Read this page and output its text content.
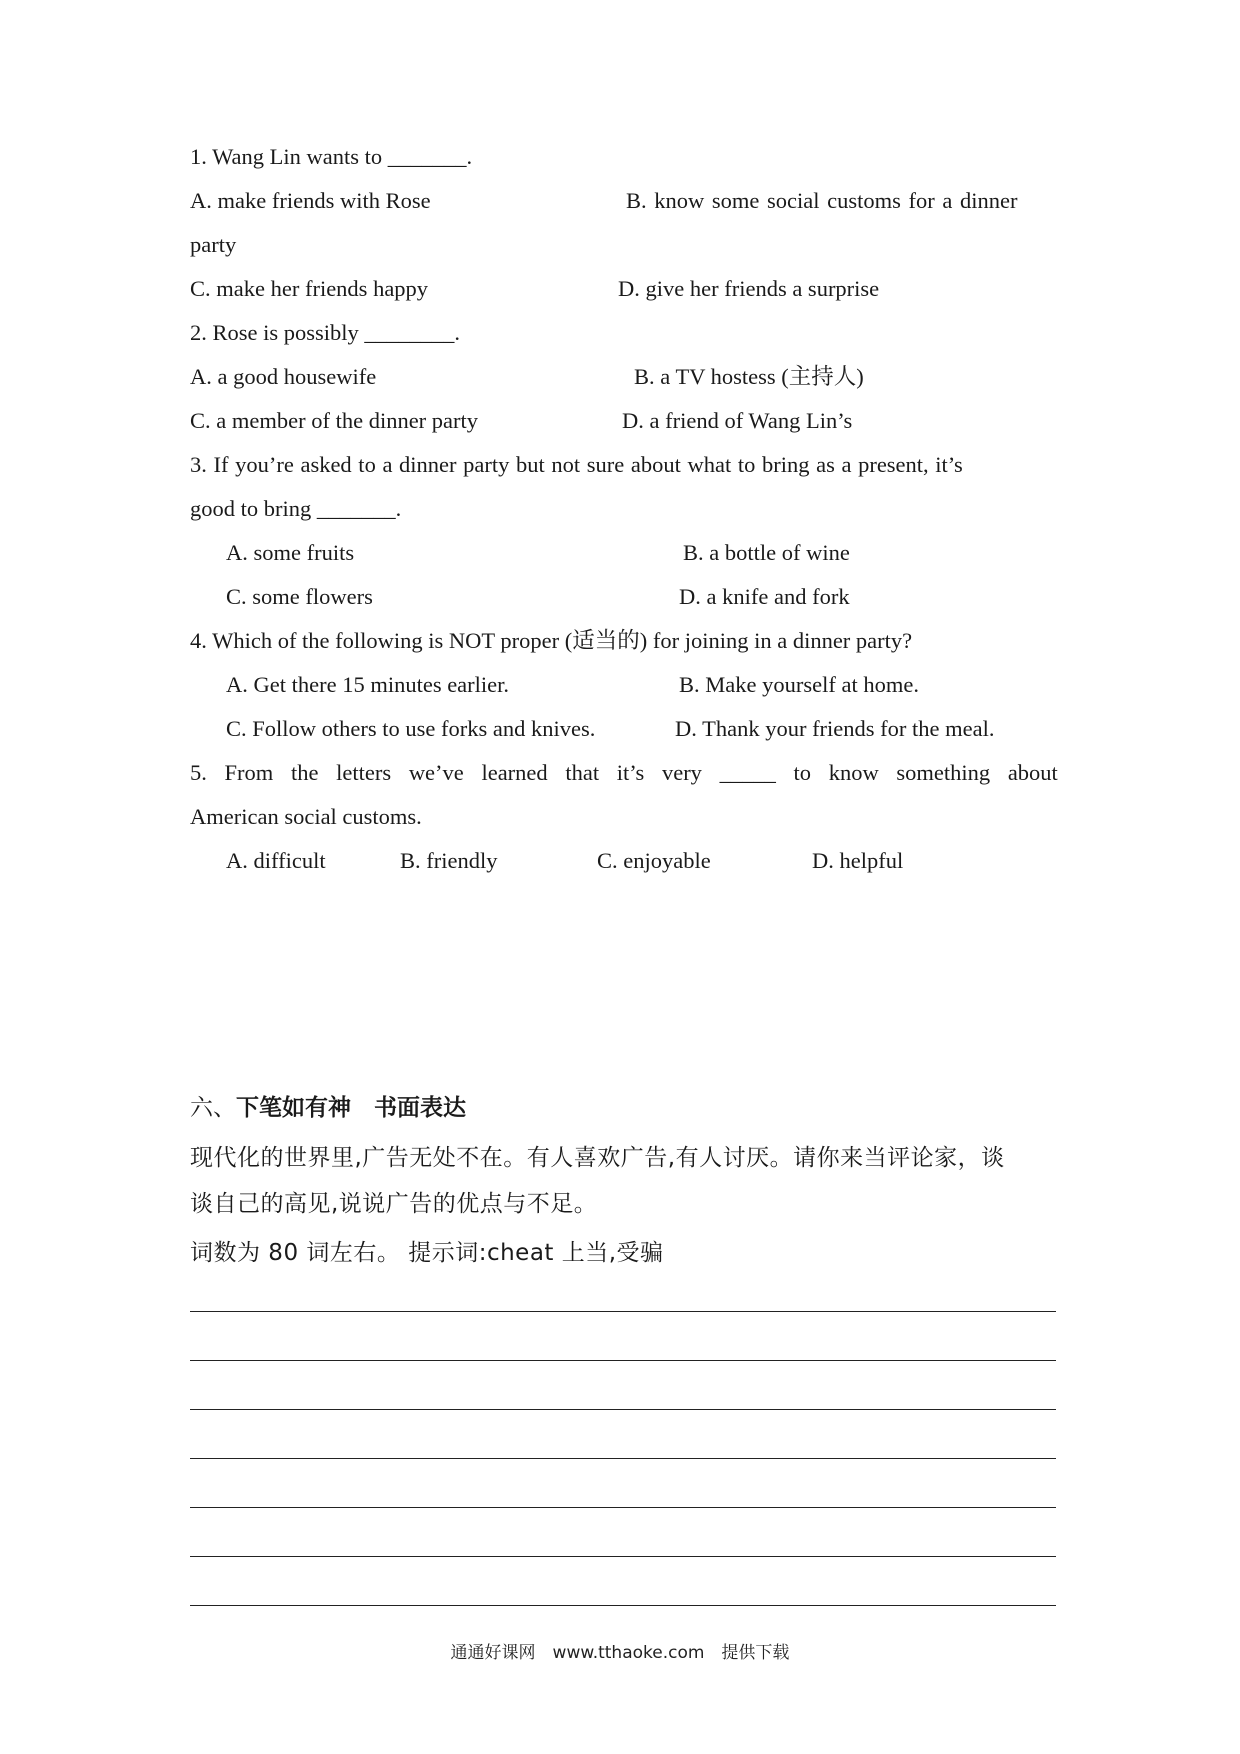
1. Wang Lin wants to _______.
A. make friends with Rose	B. know some social customs for a dinner
party
C. make her friends happy	D. give her friends a surprise
2. Rose is possibly ________.
A. a good housewife	B. a TV hostess (主持人)
C. a member of the dinner party	D. a friend of Wang Lin’s
3. If you’re asked to a dinner party but not sure about what to bring as a present, it’s
good to bring _______.
A. some fruits	B. a bottle of wine
C. some flowers	D. a knife and fork
4. Which of the following is NOT proper (适当的) for joining in a dinner party?
A. Get there 15 minutes earlier.	B. Make yourself at home.
C. Follow others to use forks and knives.	D. Thank your friends for the meal.
5. From the letters we’ve learned that it’s very _____ to know something about
American social customs.
A. difficult	B. friendly	C. enjoyable	D. helpful
六、下笔如有神　书面表达
现代化的世界里,广告无处不在。有人喜欢广告,有人讨厌。请你来当评论家，谈
谈自己的高见,说说广告的优点与不足。
词数为 80 词左右。 提示词:cheat 上当,受骗
通通好课网　www.tthaoke.com　提供下载
